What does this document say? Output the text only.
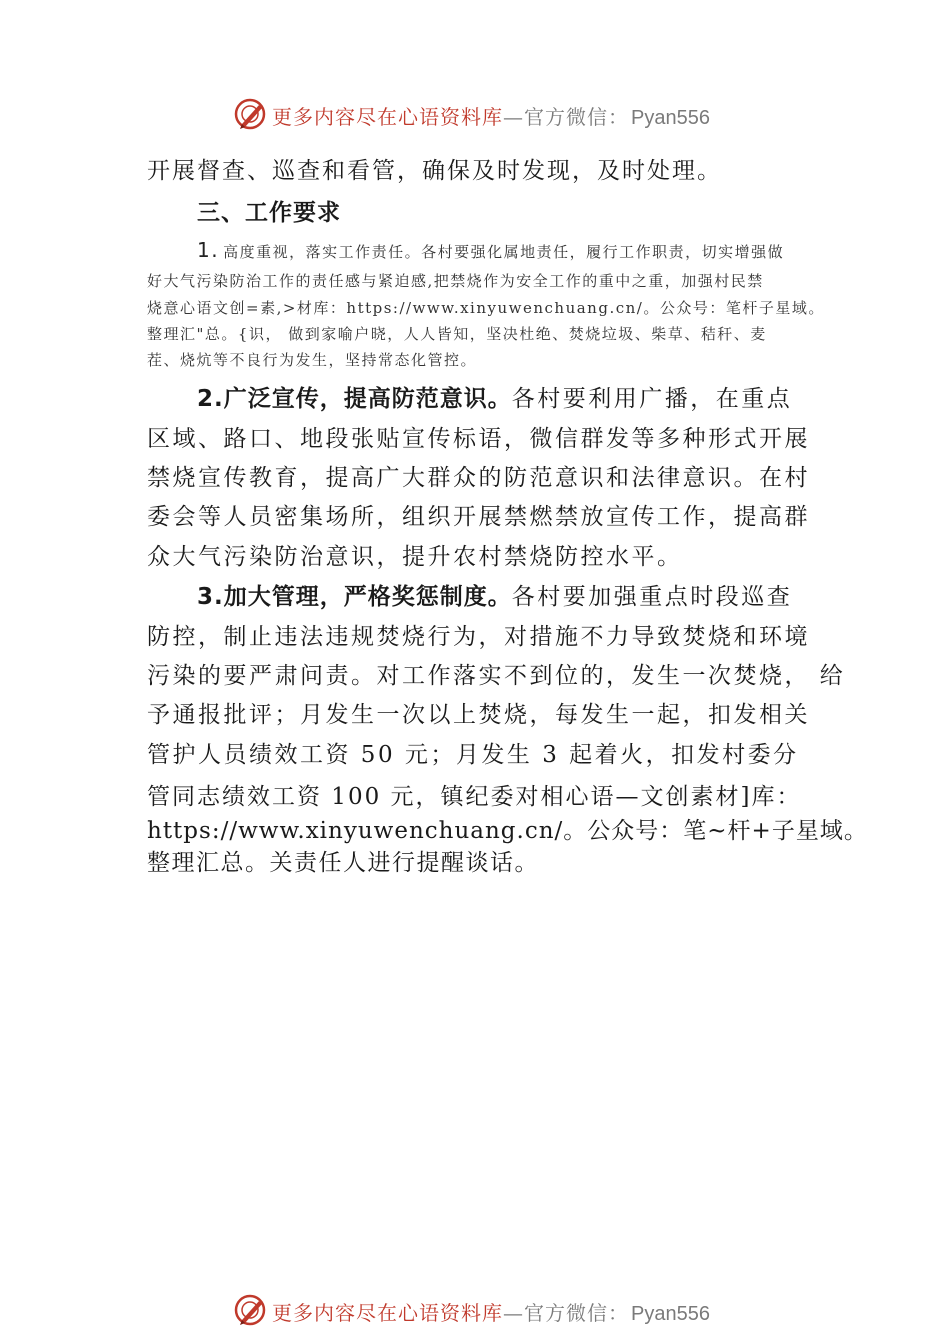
更多内容尽在心语资料库—官方微信： Pyan556
开展督查、巡查和看管，确保及时发现，及时处理。
三、工作要求
1. 高度重视，落实工作责任。各村要强化属地责任，履行工作职责，切实增强做
好大气污染防治工作的责任感与紧迫感,把禁烧作为安全工作的重中之重，加强村民禁
烧意心语文创=素,>材库：https://www.xinyuwenchuang.cn/。公众号：笔杆子星域。
整理汇"总。{识， 做到家喻户晓，人人皆知，坚决杜绝、焚烧垃圾、柴草、秸秆、麦
茬、烧炕等不良行为发生，坚持常态化管控。
2.广泛宣传，提高防范意识。各村要利用广播，在重点
区域、路口、地段张贴宣传标语，微信群发等多种形式开展
禁烧宣传教育，提高广大群众的防范意识和法律意识。在村
委会等人员密集场所，组织开展禁燃禁放宣传工作，提高群
众大气污染防治意识，提升农村禁烧防控水平。
3.加大管理，严格奖惩制度。各村要加强重点时段巡查
防控，制止违法违规焚烧行为，对措施不力导致焚烧和环境
污染的要严肃问责。对工作落实不到位的，发生一次焚烧， 给
予通报批评；月发生一次以上焚烧，每发生一起，扣发相关
管护人员绩效工资 50 元；月发生 3 起着火，扣发村委分
管同志绩效工资 100 元，镇纪委对相心语—文创素材]库：
https://www.xinyuwenchuang.cn/。公众号：笔~杆+子星域。
整理汇总。关责任人进行提醒谈话。
更多内容尽在心语资料库—官方微信： Pyan556
